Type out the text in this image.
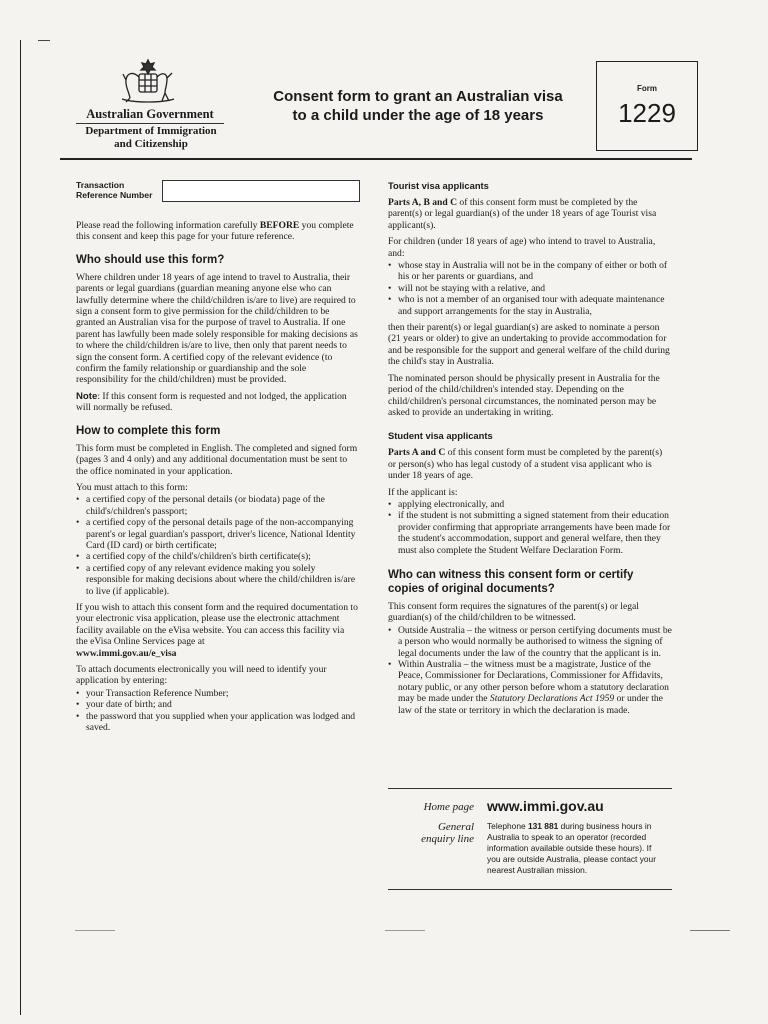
Australian Government
Department of Immigration
and Citizenship
Consent form to grant an Australian visa
to a child under the age of 18 years
Form
1229
Transaction
Reference Number

Please read the following information carefully BEFORE you complete this consent and keep this page for your future reference.

Who should use this form?

Where children under 18 years of age intend to travel to Australia, their parents or legal guardians (guardian meaning anyone else who can lawfully determine where the child/children is/are to live) are required to sign a consent form to give permission for the child/children to be granted an Australian visa for the purpose of travel to Australia. If one parent has lawfully been made solely responsible for making decisions as to where the child/children is/are to live, then only that parent needs to sign the consent form. A certified copy of the relevant evidence (to confirm the family relationship or guardianship and the sole responsibility for the child/children) must be provided.

Note: If this consent form is requested and not lodged, the application will normally be refused.

How to complete this form

This form must be completed in English. The completed and signed form (pages 3 and 4 only) and any additional documentation must be sent to the office nominated in your application.

You must attach to this form:

• a certified copy of the personal details (or biodata) page of the child's/children's passport;
• a certified copy of the personal details page of the non-accompanying parent's or legal guardian's passport, driver's licence, National Identity Card (ID card) or birth certificate;
• a certified copy of the child's/children's birth certificate(s);
• a certified copy of any relevant evidence making you solely responsible for making decisions about where the child/children is/are to live (if applicable).

If you wish to attach this consent form and the required documentation to your electronic visa application, please use the electronic attachment facility available on the eVisa website. You can access this facility via the eVisa Online Services page at
www.immi.gov.au/e_visa

To attach documents electronically you will need to identify your application by entering:

• your Transaction Reference Number;
• your date of birth; and
• the password that you supplied when your application was lodged and saved.
Tourist visa applicants

Parts A, B and C of this consent form must be completed by the parent(s) or legal guardian(s) of the under 18 years of age Tourist visa applicant(s).

For children (under 18 years of age) who intend to travel to Australia, and:

• whose stay in Australia will not be in the company of either or both of his or her parents or guardians, and
• will not be staying with a relative, and
• who is not a member of an organised tour with adequate maintenance and support arrangements for the stay in Australia,

then their parent(s) or legal guardian(s) are asked to nominate a person (21 years or older) to give an undertaking to provide accommodation for and be responsible for the support and general welfare of the child during the child's stay in Australia.

The nominated person should be physically present in Australia for the period of the child/children's intended stay. Depending on the child/children's personal circumstances, the nominated person may be asked to provide an undertaking in writing.

Student visa applicants

Parts A and C of this consent form must be completed by the parent(s) or person(s) who has legal custody of a student visa applicant who is under 18 years of age.

If the applicant is:

• applying electronically, and
• if the student is not submitting a signed statement from their education provider confirming that appropriate arrangements have been made for the student's accommodation, support and general welfare, then they must also complete the Student Welfare Declaration Form.
Who can witness this consent form or certify copies of original documents?

This consent form requires the signatures of the parent(s) or legal guardian(s) of the child/children to be witnessed.

• Outside Australia – the witness or person certifying documents must be a person who would normally be authorised to witness the signing of legal documents under the law of the country that the applicant is in.
• Within Australia – the witness must be a magistrate, Justice of the Peace, Commissioner for Declarations, Commissioner for Affidavits, notary public, or any other person before whom a statutory declaration may be made under the Statutory Declarations Act 1959 or under the law of the state or territory in which the declaration is made.
Home page www.immi.gov.au
General
enquiry line
Telephone 131 881 during business hours in Australia to speak to an operator (recorded information available outside these hours). If you are outside Australia, please contact your nearest Australian mission.
